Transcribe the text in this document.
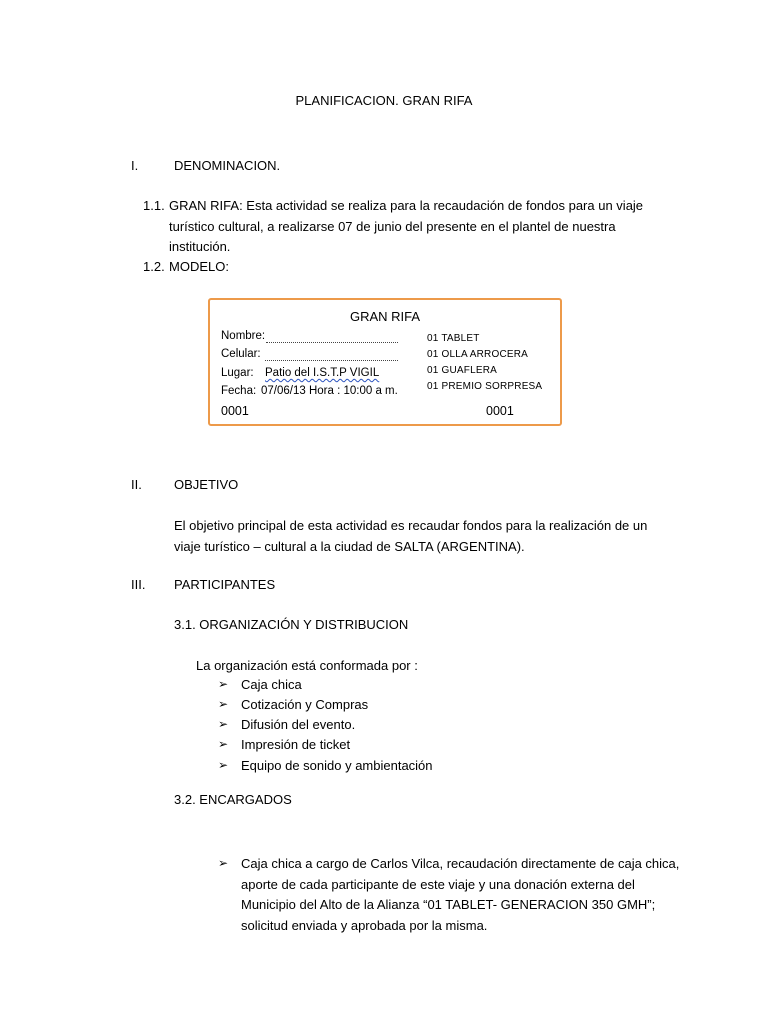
PLANIFICACION. GRAN RIFA
I.	DENOMINACION.
1.1. GRAN RIFA: Esta actividad se realiza para la recaudación de fondos para un viaje
turístico cultural, a realizarse 07 de junio del presente en el plantel de nuestra
institución.
1.2. MODELO:
GRAN RIFA
Nombre:
Celular:
Lugar: Patio del I.S.T.P VIGIL
Fecha: 07/06/13 Hora : 10:00 a m.
01 TABLET
01 OLLA ARROCERA
01 GUAFLERA
01 PREMIO SORPRESA
0001	0001
II. OBJETIVO
El objetivo principal de esta actividad es recaudar fondos para la realización de un
viaje turístico – cultural a la ciudad de SALTA (ARGENTINA).
III. PARTICIPANTES
3.1. ORGANIZACIÓN Y DISTRIBUCION
La organización está conformada por :
➢ Caja chica
➢ Cotización y Compras
➢ Difusión del evento.
➢ Impresión de ticket
➢ Equipo de sonido y ambientación
3.2. ENCARGADOS
➢ Caja chica a cargo de Carlos Vilca, recaudación directamente de caja chica,
aporte de cada participante de este viaje y una donación externa del
Municipio del Alto de la Alianza “01 TABLET- GENERACION 350 GMH”;
solicitud enviada y aprobada por la misma.
